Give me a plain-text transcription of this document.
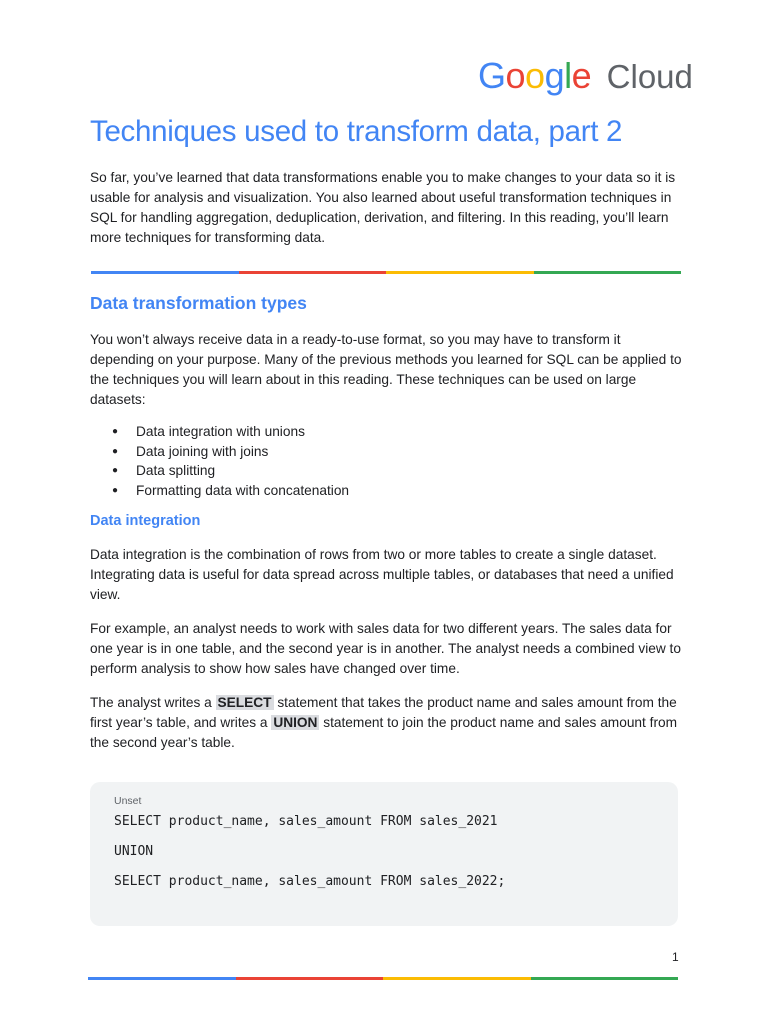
Google Cloud
Techniques used to transform data, part 2

So far, you’ve learned that data transformations enable you to make changes to your data so it is usable for analysis and visualization. You also learned about useful transformation techniques in SQL for handling aggregation, deduplication, derivation, and filtering. In this reading, you’ll learn more techniques for transforming data.

Data transformation types

You won’t always receive data in a ready-to-use format, so you may have to transform it depending on your purpose. Many of the previous methods you learned for SQL can be applied to the techniques you will learn about in this reading. These techniques can be used on large datasets:

● Data integration with unions
● Data joining with joins
● Data splitting
● Formatting data with concatenation
Data integration

Data integration is the combination of rows from two or more tables to create a single dataset. Integrating data is useful for data spread across multiple tables, or databases that need a unified view.

For example, an analyst needs to work with sales data for two different years. The sales data for one year is in one table, and the second year is in another. The analyst needs a combined view to perform analysis to show how sales have changed over time.

The analyst writes a SELECT statement that takes the product name and sales amount from the first year’s table, and writes a UNION statement to join the product name and sales amount from the second year’s table.

Unset
SELECT product_name, sales_amount FROM sales_2021
UNION
SELECT product_name, sales_amount FROM sales_2022;
1
